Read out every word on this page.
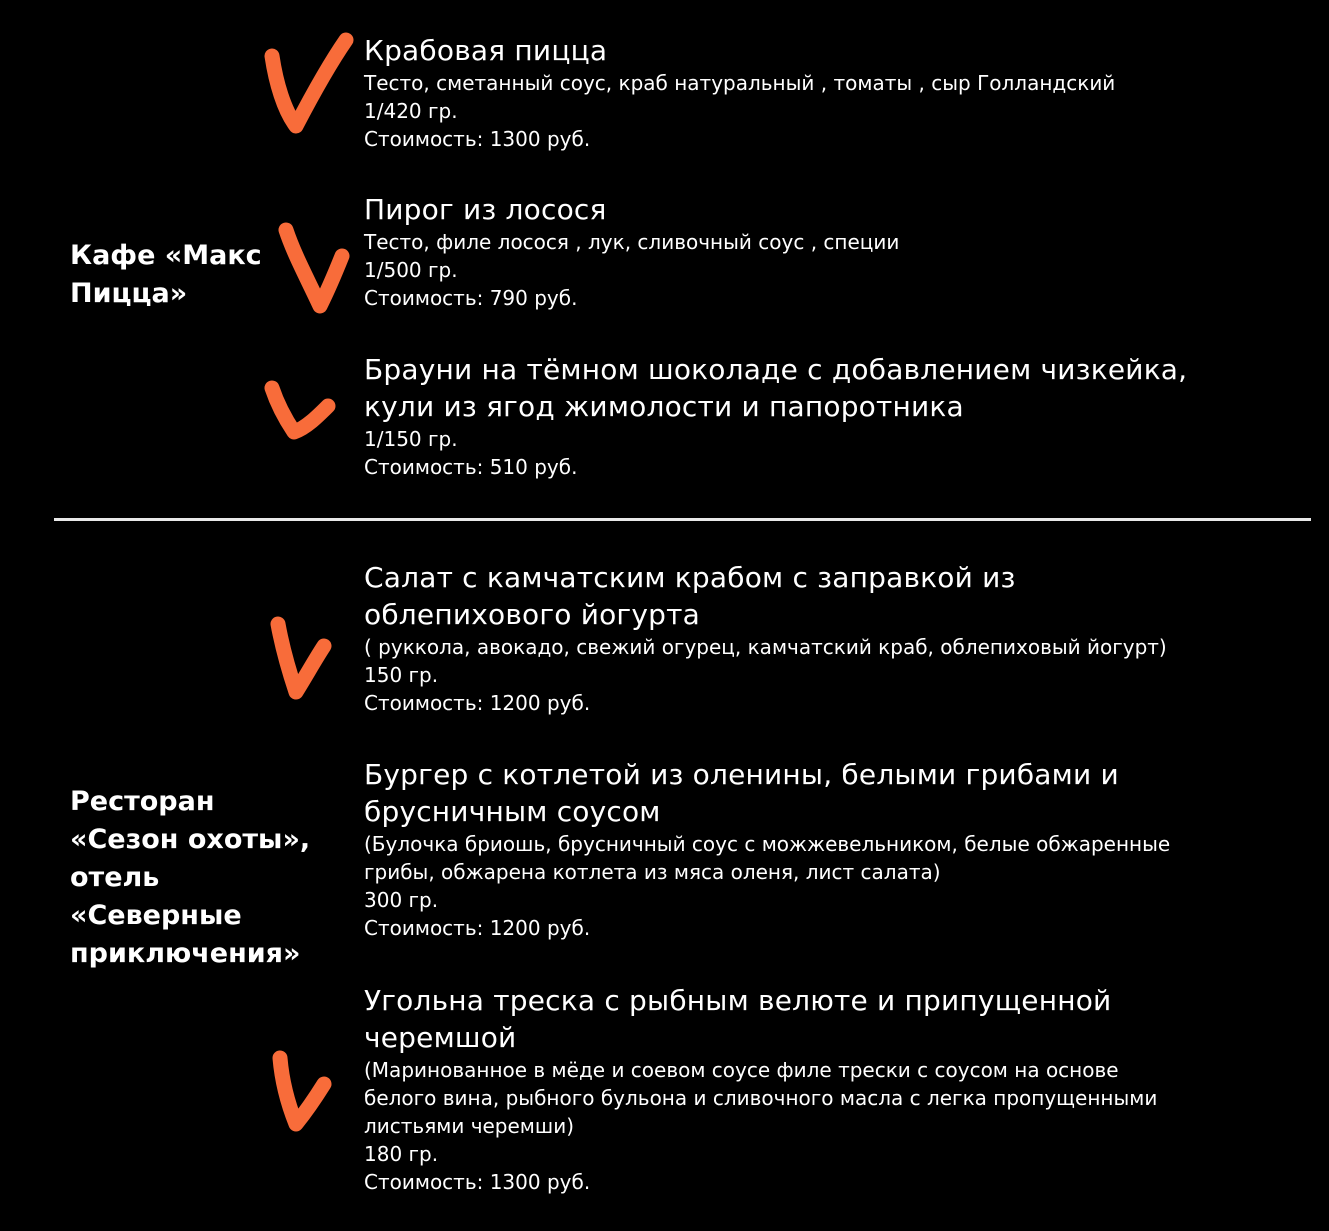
Кафе «Макс
Пицца»
Крабовая пицца
Тесто, сметанный соус, краб натуральный , томаты , сыр Голландский
1/420 гр.
Стоимость: 1300 руб.
Пирог из лосося
Тесто, филе лосося , лук, сливочный соус , специи
1/500 гр.
Стоимость: 790 руб.
Брауни на тёмном шоколаде с добавлением чизкейка,
кули из ягод жимолости и папоротника
1/150 гр.
Стоимость: 510 руб.
Ресторан
«Сезон охоты»,
отель
«Северные
приключения»
Салат с камчатским крабом с заправкой из
облепихового йогурта
( руккола, авокадо, свежий огурец, камчатский краб, облепиховый йогурт)
150 гр.
Стоимость: 1200 руб.
Бургер с котлетой из оленины, белыми грибами и
брусничным соусом
(Булочка бриошь, брусничный соус с можжевельником, белые обжаренные
грибы, обжарена котлета из мяса оленя, лист салата)
300 гр.
Стоимость: 1200 руб.
Угольна треска с рыбным велюте и припущенной
черемшой
(Маринованное в мёде и соевом соусе филе трески с соусом на основе
белого вина, рыбного бульона и сливочного масла с легка пропущенными
листьями черемши)
180 гр.
Стоимость: 1300 руб.
